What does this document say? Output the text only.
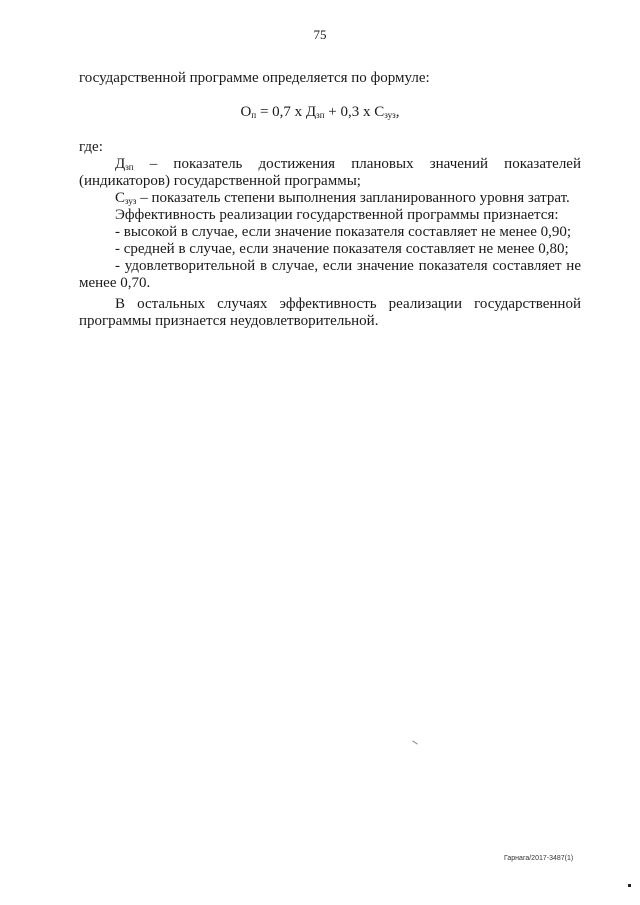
75
государственной программе определяется по формуле:
$О_п = 0,7$ х $Д_{зп} + 0,3$ х $С_{зуз}$,
где:
$Д_{зп}$ – показатель достижения плановых значений показателей
(индикаторов) государственной программы;
$С_{зуз}$ – показатель степени выполнения запланированного уровня затрат.
Эффективность реализации государственной программы признается:
- высокой в случае, если значение показателя составляет не менее 0,90;
- средней в случае, если значение показателя составляет не менее 0,80;
- удовлетворительной в случае, если значение показателя составляет не
менее 0,70.
В остальных случаях эффективность реализации государственной
программы признается неудовлетворительной.
Гарнага/2017-3487(1)
